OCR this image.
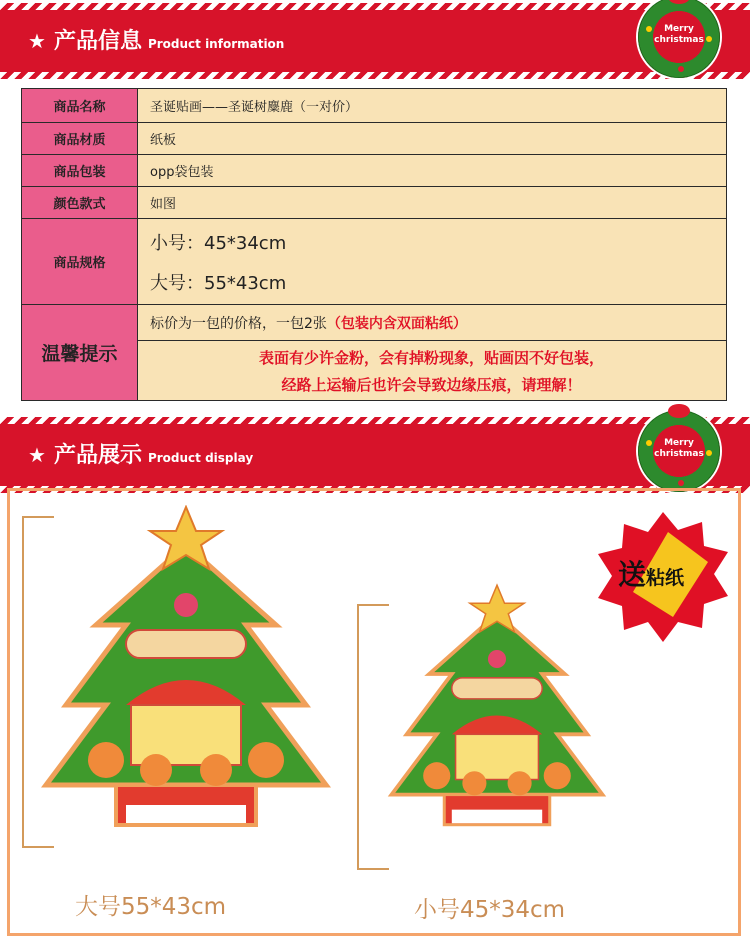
★ 产品信息 Product information
Merry christmas
商品名称	圣诞贴画——圣诞树麋鹿（一对价）
商品材质	纸板
商品包装	opp袋包装
颜色款式	如图
商品规格	小号：45*34cm
大号：55*43cm

温馨提示	标价为一包的价格，一包2张（包装内含双面粘纸）

	表面有少许金粉，会有掉粉现象，贴画因不好包装，
经路上运输后也许会导致边缘压痕，请理解！
★ 产品展示 Product display
Merry christmas
送粘纸
大号55*43cm	小号45*34cm
